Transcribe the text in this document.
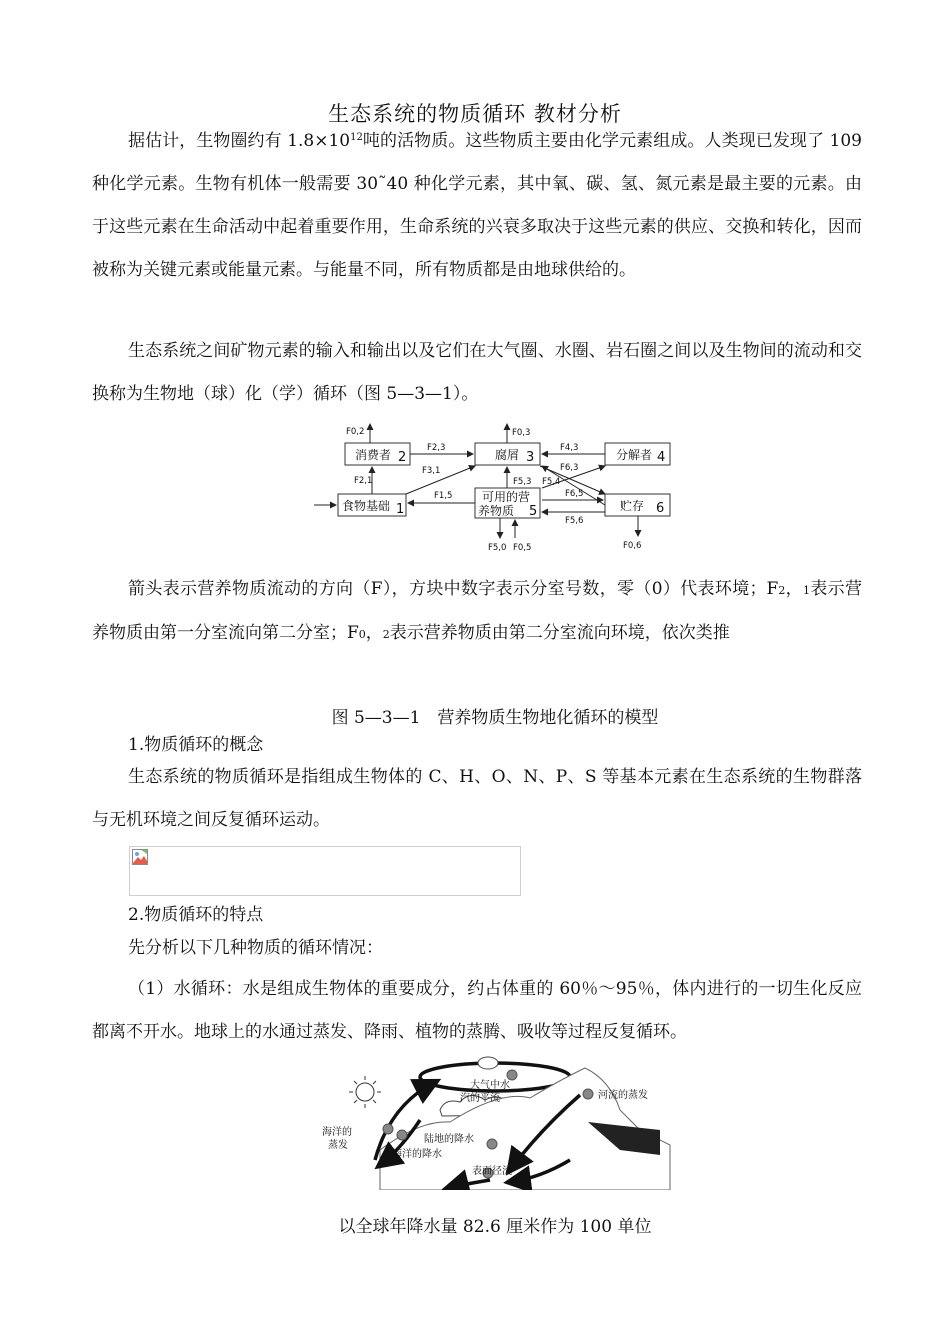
生态系统的物质循环 教材分析
据估计，生物圈约有 $1.8\times 10^{12}$吨的活物质。这些物质主要由化学元素组成。人类现已发现了 109 种化学元素。生物有机体一般需要 30˜40 种化学元素，其中氧、碳、氢、氮元素是最主要的元素。由于这些元素在生命活动中起着重要作用，生命系统的兴衰多取决于这些元素的供应、交换和转化，因而被称为关键元素或能量元素。与能量不同，所有物质都是由地球供给的。
生态系统之间矿物元素的输入和输出以及它们在大气圈、水圈、岩石圈之间以及生物间的流动和交换称为生物地（球）化（学）循环（图 5—3—1）。
消费者 2	腐屑 3	分解者 4
食物基础 1
可用的营
养物质 5	贮存 6
F0,2
F2,3
F0,3
F4,3
F3,1	F6,3
F2,1	F5,3 F5,4
F1,5	F6,5
F5,6
F5,0 F0,5	F0,6
箭头表示营养物质流动的方向（F），方块中数字表示分室号数，零（0）代表环境；F2，1表示营养物质由第一分室流向第二分室；F0，2表示营养物质由第二分室流向环境，依次类推
图 5—3—1　营养物质生物地化循环的模型
1.物质循环的概念
生态系统的物质循环是指组成生物体的 C、H、O、N、P、S 等基本元素在生态系统的生物群落与无机环境之间反复循环运动。
2.物质循环的特点
先分析以下几种物质的循环情况：
（1）水循环：水是组成生物体的重要成分，约占体重的 60％～95％，体内进行的一切生化反应都离不开水。地球上的水通过蒸发、降雨、植物的蒸腾、吸收等过程反复循环。
大气中水
汽的平流	河流的蒸发
海洋的
蒸发
陆地的降水
海洋的降水
表面径流
以全球年降水量 82.6 厘米作为 100 单位
